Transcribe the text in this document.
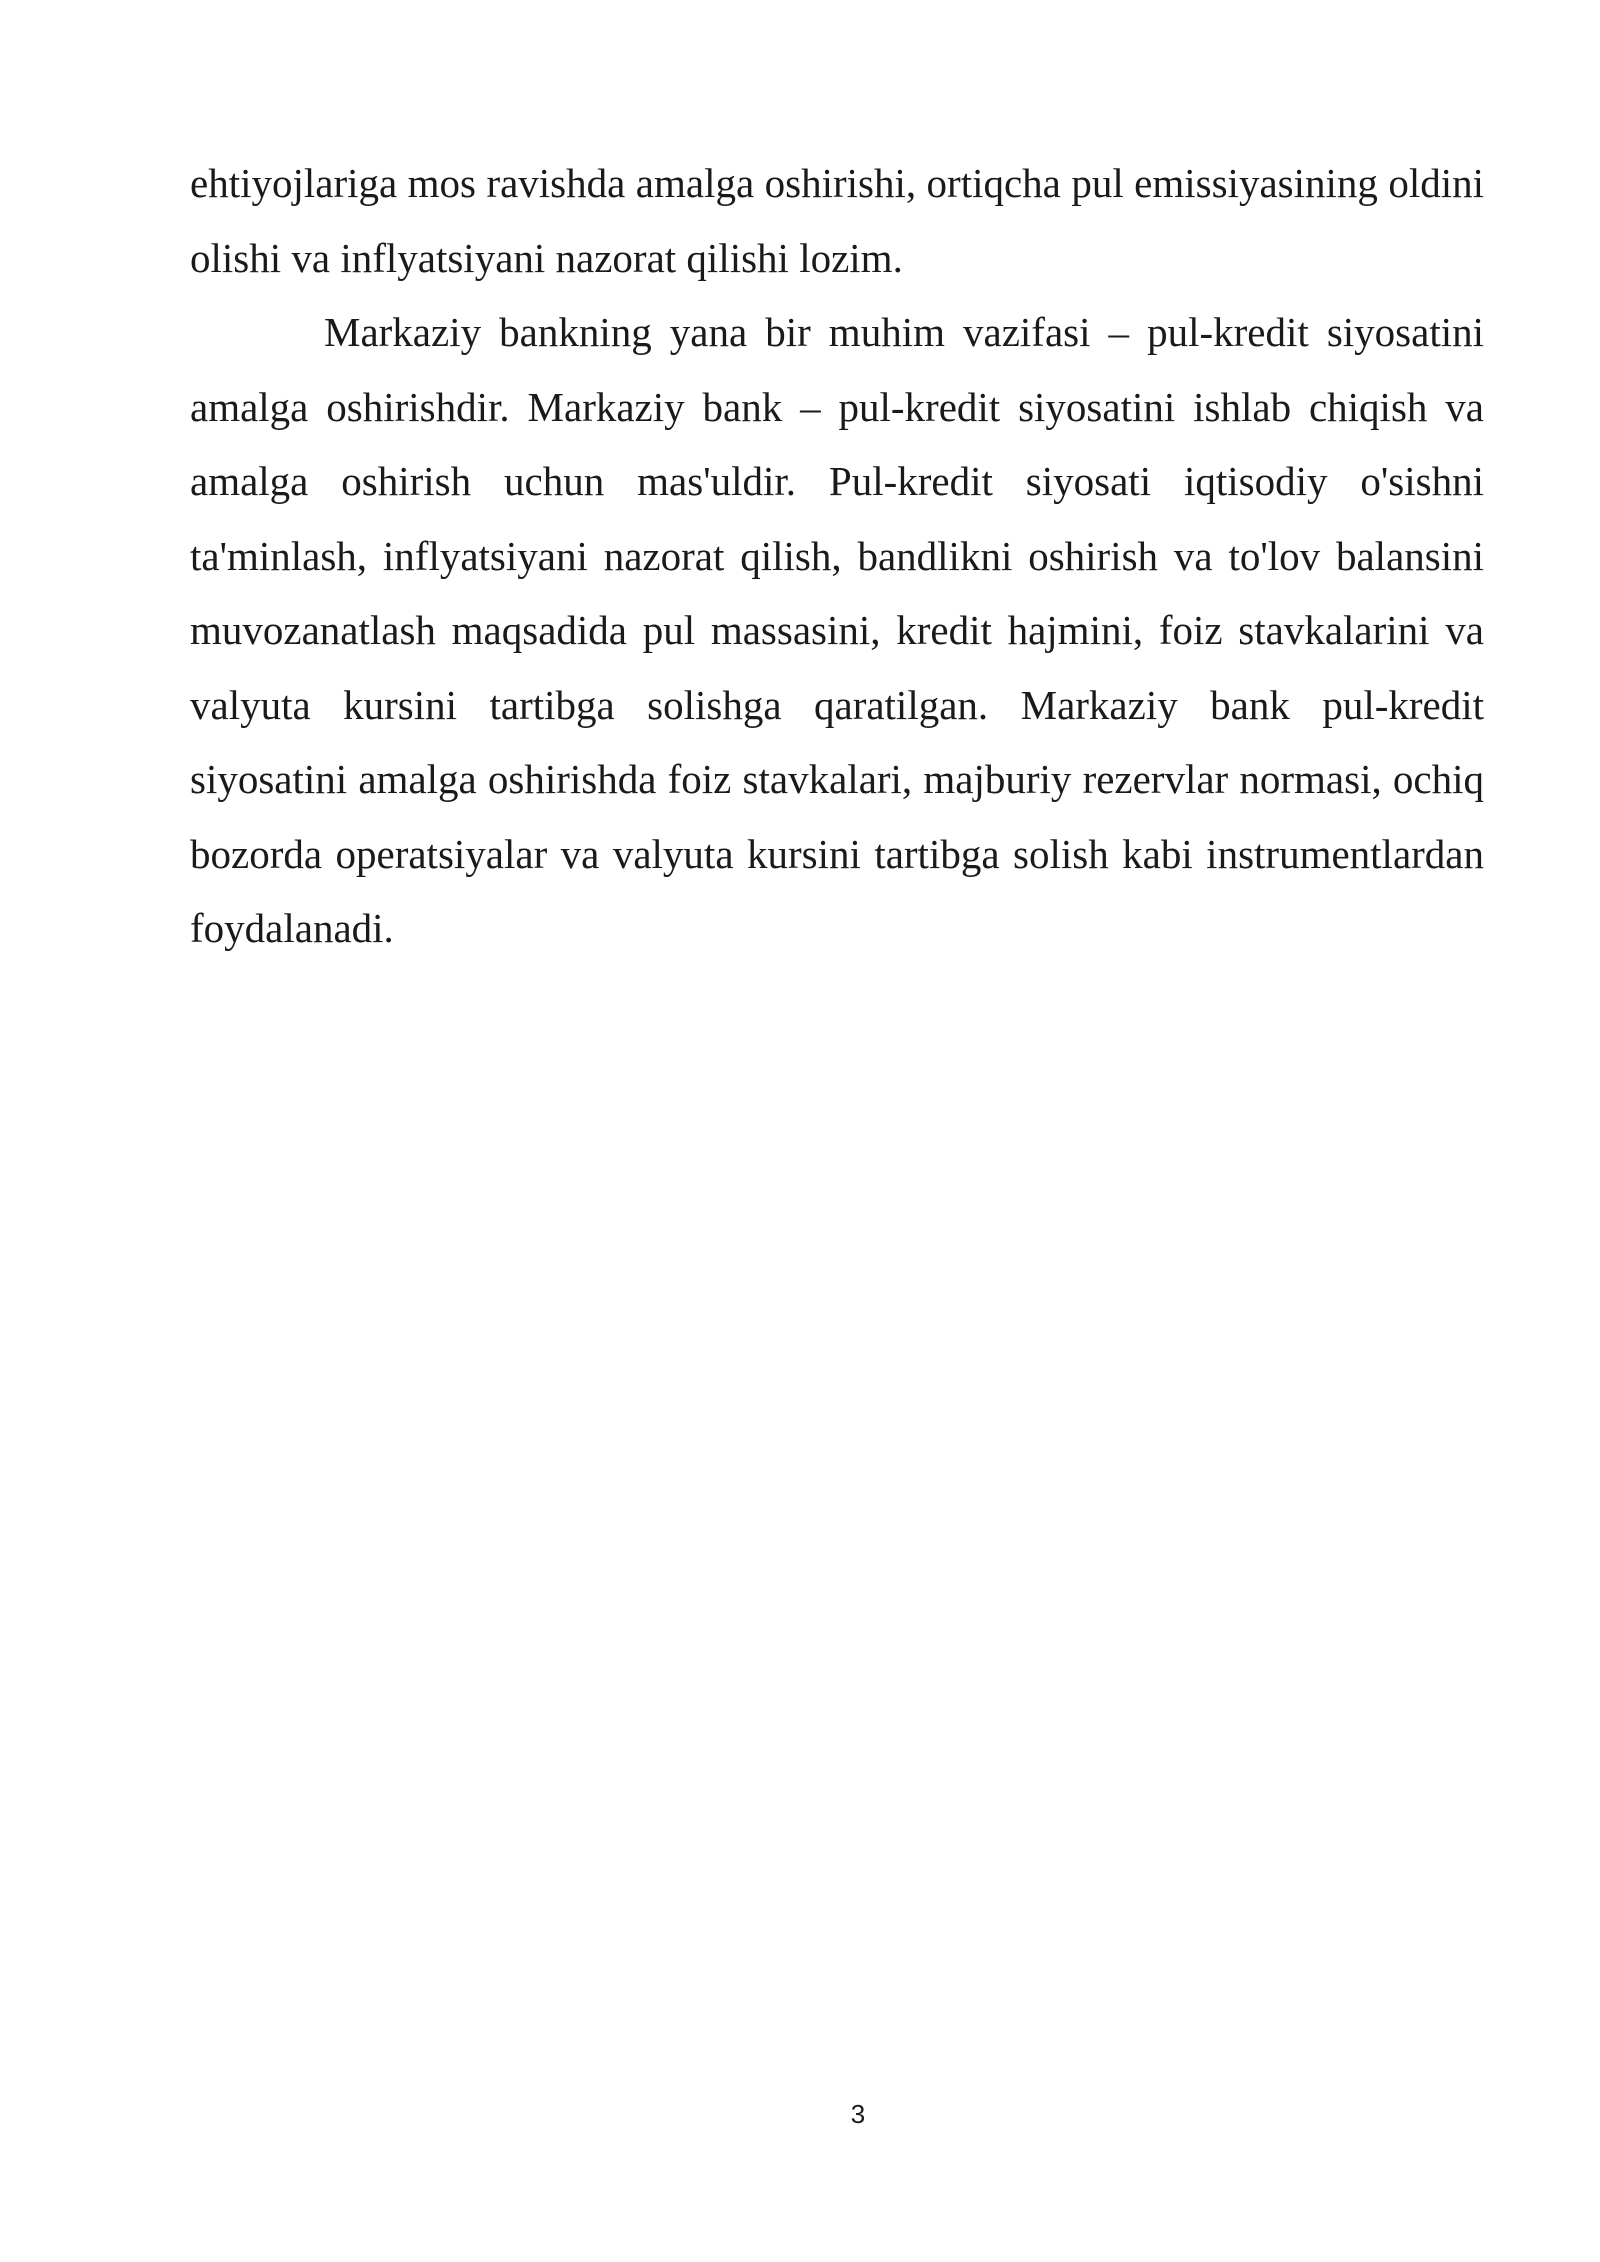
ehtiyojlariga mos ravishda amalga oshirishi, ortiqcha pul emissiyasining oldini olishi va inflyatsiyani nazorat qilishi lozim.

Markaziy bankning yana bir muhim vazifasi – pul-kredit siyosatini amalga oshirishdir. Markaziy bank – pul-kredit siyosatini ishlab chiqish va amalga oshirish uchun mas'uldir. Pul-kredit siyosati iqtisodiy o'sishni ta'minlash, inflyatsiyani nazorat qilish, bandlikni oshirish va to'lov balansini muvozanatlash maqsadida pul massasini, kredit hajmini, foiz stavkalarini va valyuta kursini tartibga solishga qaratilgan. Markaziy bank pul-kredit siyosatini amalga oshirishda foiz stavkalari, majburiy rezervlar normasi, ochiq bozorda operatsiyalar va valyuta kursini tartibga solish kabi instrumentlardan foydalanadi.

3
